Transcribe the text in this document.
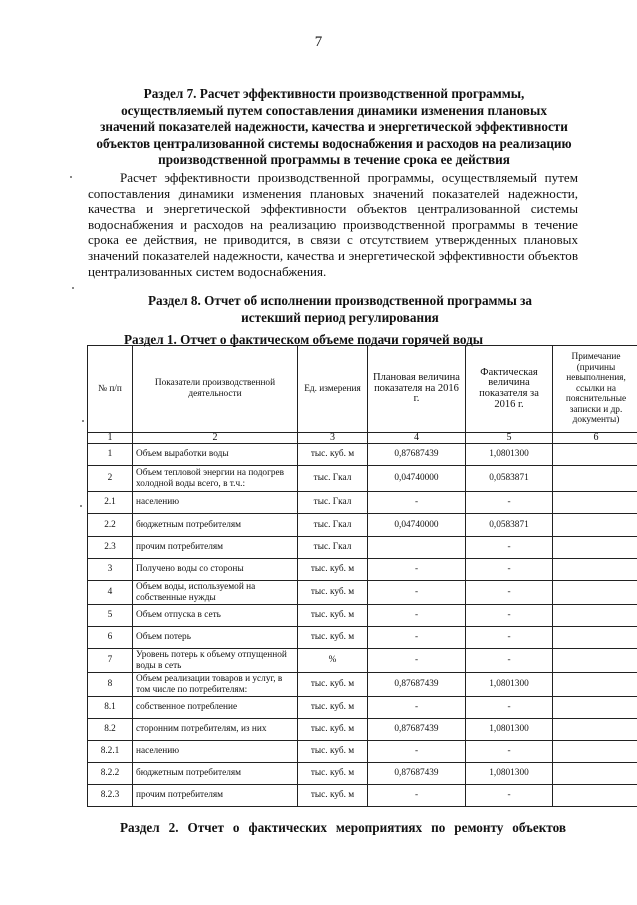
7
Раздел 7. Расчет эффективности производственной программы, осуществляемый путем сопоставления динамики изменения плановых значений показателей надежности, качества и энергетической эффективности объектов централизованной системы водоснабжения и расходов на реализацию производственной программы в течение срока ее действия
Расчет эффективности производственной программы, осуществляемый путем сопоставления динамики изменения плановых значений показателей надежности, качества и энергетической эффективности объектов централизованной системы водоснабжения и расходов на реализацию производственной программы в течение срока ее действия, не приводится, в связи с отсутствием утвержденных плановых значений показателей надежности, качества и энергетической эффективности объектов централизованных систем водоснабжения.
Раздел 8. Отчет об исполнении производственной программы за истекший период регулирования
Раздел 1. Отчет о фактическом объеме подачи горячей воды
№ п/п	Показатели производственной деятельности	Ед. измерения	Плановая величина показателя на 2016 г.	Фактическая величина показателя за 2016 г.	Примечание (причины невыполнения, ссылки на пояснительные записки и др. документы)
1	2	3	4	5	6
1	Объем выработки воды	тыс. куб. м	0,87687439	1,0801300	
2	Объем тепловой энергии на подогрев холодной воды всего, в т.ч.:	тыс. Гкал	0,04740000	0,0583871	
2.1	населению	тыс. Гкал	-	-	
2.2	бюджетным потребителям	тыс. Гкал	0,04740000	0,0583871	
2.3	прочим потребителям	тыс. Гкал		-	
3	Получено воды со стороны	тыс. куб. м	-	-	
4	Объем воды, используемой на собственные нужды	тыс. куб. м	-	-	
5	Объем отпуска в сеть	тыс. куб. м	-	-	
6	Объем потерь	тыс. куб. м	-	-	
7	Уровень потерь к объему отпущенной воды в сеть	%	-	-	
8	Объем реализации товаров и услуг, в том числе по потребителям:	тыс. куб. м	0,87687439	1,0801300	
8.1	собственное потребление	тыс. куб. м	-	-	
8.2	сторонним потребителям, из них	тыс. куб. м	0,87687439	1,0801300	
8.2.1	населению	тыс. куб. м	-	-	
8.2.2	бюджетным потребителям	тыс. куб. м	0,87687439	1,0801300	
8.2.3	прочим потребителям	тыс. куб. м	-	-	
Раздел 2. Отчет о фактических мероприятиях по ремонту объектов
